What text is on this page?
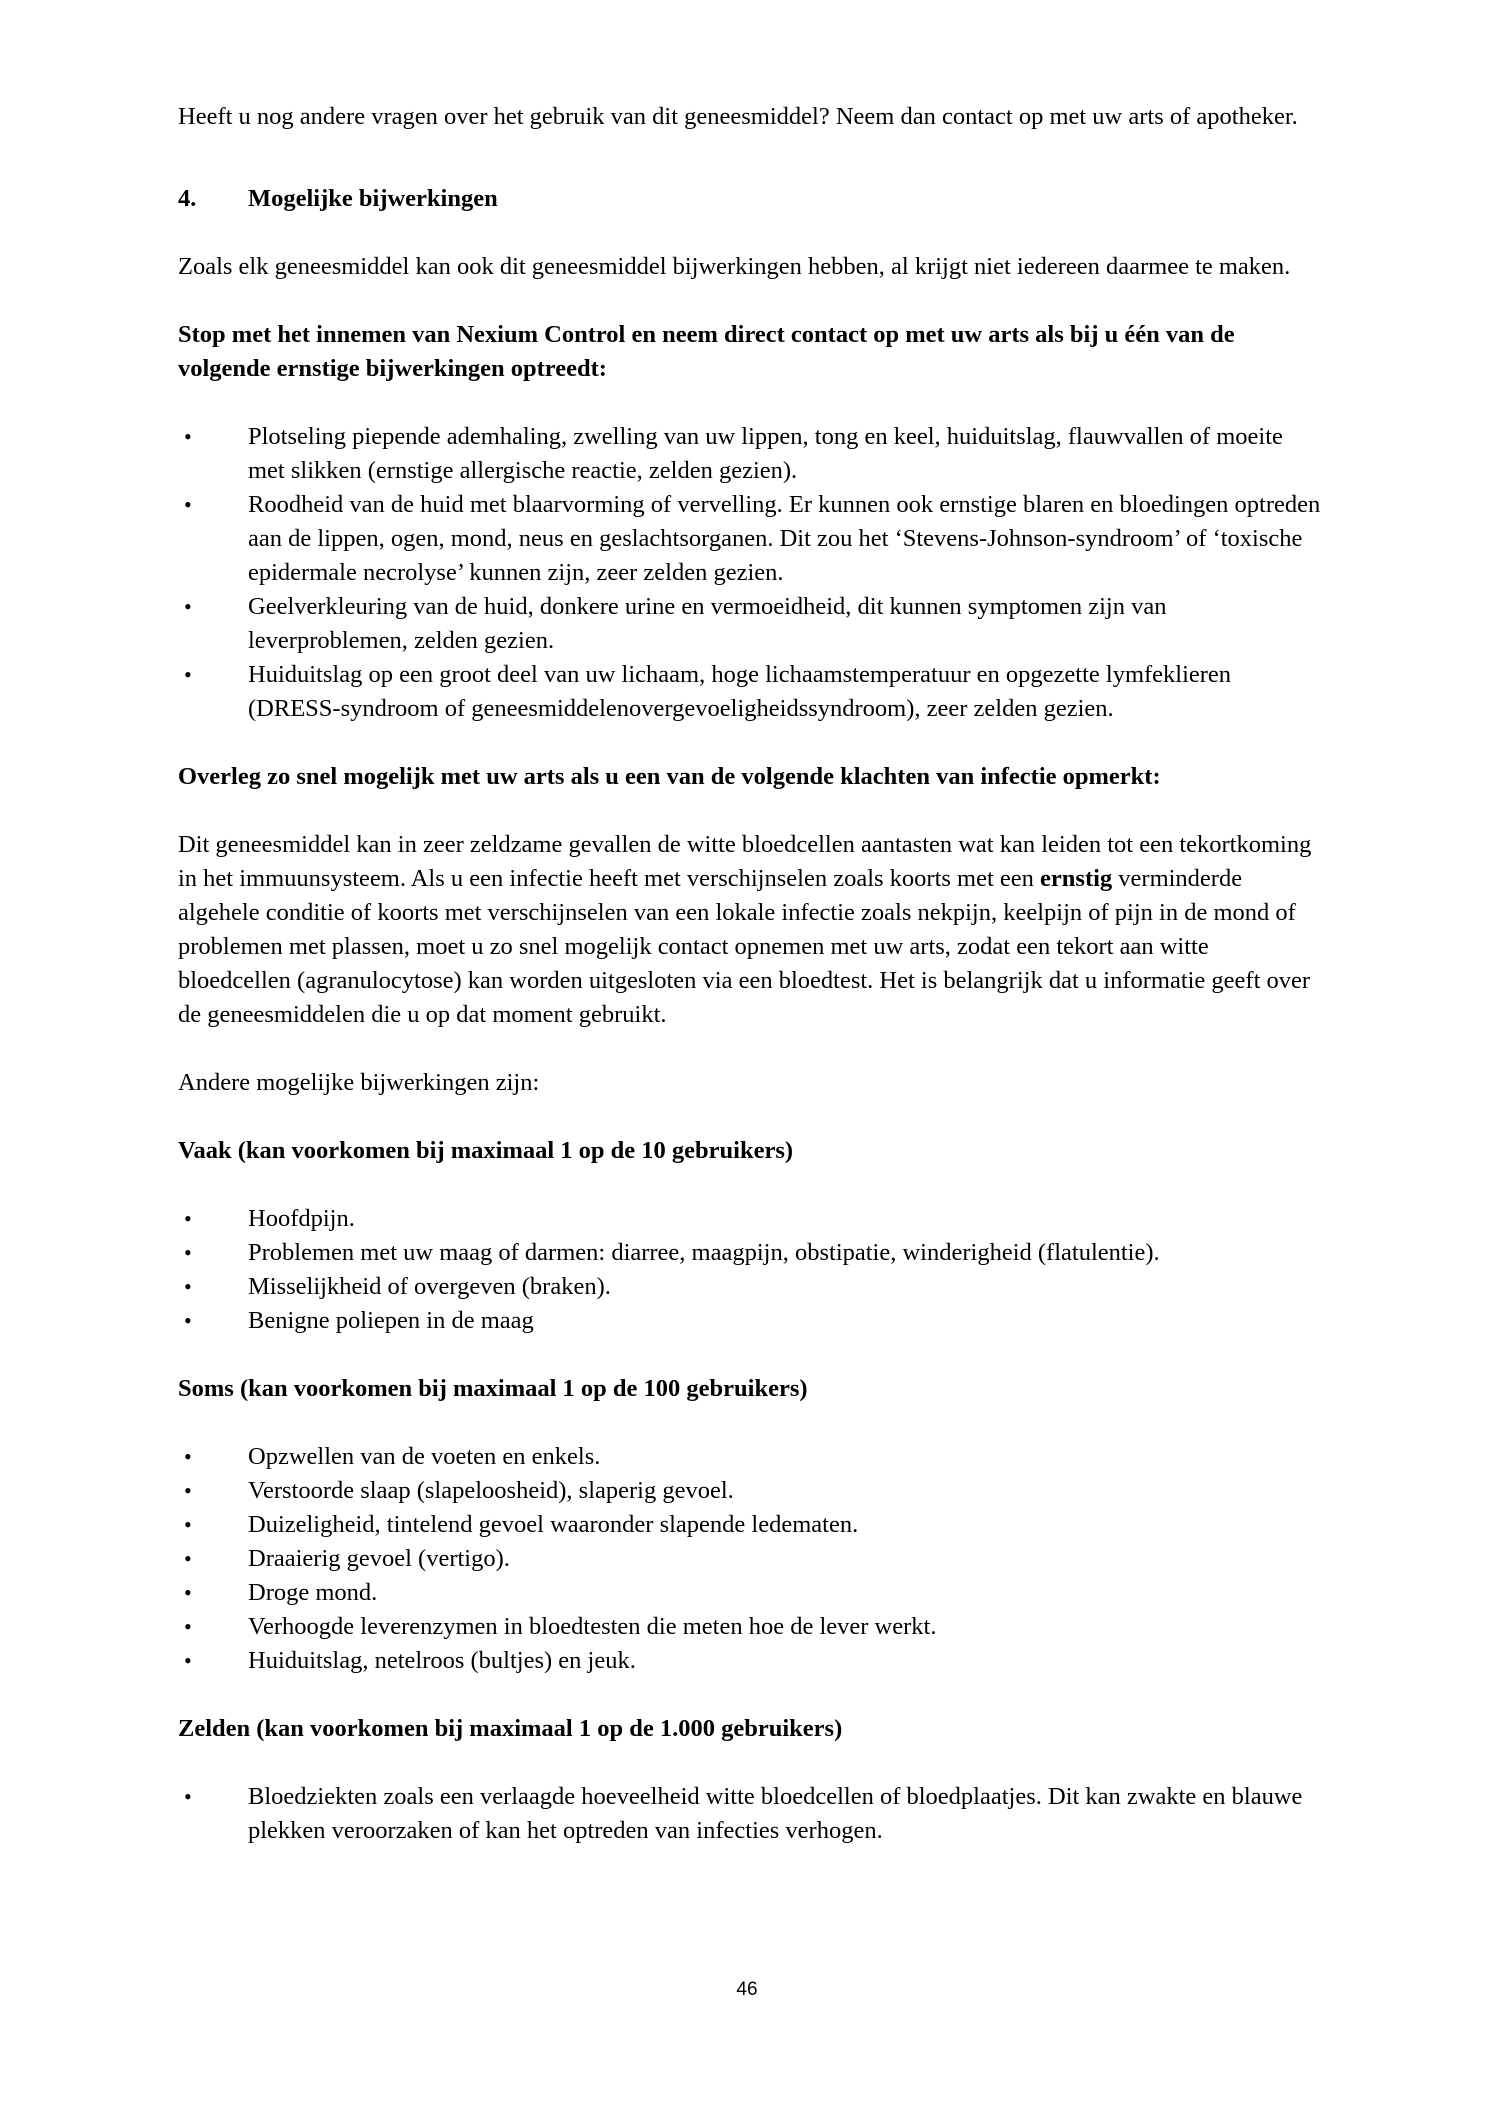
Heeft u nog andere vragen over het gebruik van dit geneesmiddel? Neem dan contact op met uw arts of apotheker.

4.	Mogelijke bijwerkingen

Zoals elk geneesmiddel kan ook dit geneesmiddel bijwerkingen hebben, al krijgt niet iedereen daarmee te maken.

Stop met het innemen van Nexium Control en neem direct contact op met uw arts als bij u één van de volgende ernstige bijwerkingen optreedt:

• Plotseling piepende ademhaling, zwelling van uw lippen, tong en keel, huiduitslag, flauwvallen of moeite met slikken (ernstige allergische reactie, zelden gezien).
• Roodheid van de huid met blaarvorming of vervelling. Er kunnen ook ernstige blaren en bloedingen optreden aan de lippen, ogen, mond, neus en geslachtsorganen. Dit zou het ‘Stevens-Johnson-syndroom’ of ‘toxische epidermale necrolyse’ kunnen zijn, zeer zelden gezien.
• Geelverkleuring van de huid, donkere urine en vermoeidheid, dit kunnen symptomen zijn van leverproblemen, zelden gezien.
• Huiduitslag op een groot deel van uw lichaam, hoge lichaamstemperatuur en opgezette lymfeklieren (DRESS-syndroom of geneesmiddelenovergevoeligheidssyndroom), zeer zelden gezien.

Overleg zo snel mogelijk met uw arts als u een van de volgende klachten van infectie opmerkt:

Dit geneesmiddel kan in zeer zeldzame gevallen de witte bloedcellen aantasten wat kan leiden tot een tekortkoming in het immuunsysteem. Als u een infectie heeft met verschijnselen zoals koorts met een ernstig verminderde algehele conditie of koorts met verschijnselen van een lokale infectie zoals nekpijn, keelpijn of pijn in de mond of problemen met plassen, moet u zo snel mogelijk contact opnemen met uw arts, zodat een tekort aan witte bloedcellen (agranulocytose) kan worden uitgesloten via een bloedtest. Het is belangrijk dat u informatie geeft over de geneesmiddelen die u op dat moment gebruikt.

Andere mogelijke bijwerkingen zijn:

Vaak (kan voorkomen bij maximaal 1 op de 10 gebruikers)

• Hoofdpijn.
• Problemen met uw maag of darmen: diarree, maagpijn, obstipatie, winderigheid (flatulentie).
• Misselijkheid of overgeven (braken).
• Benigne poliepen in de maag

Soms (kan voorkomen bij maximaal 1 op de 100 gebruikers)

• Opzwellen van de voeten en enkels.
• Verstoorde slaap (slapeloosheid), slaperig gevoel.
• Duizeligheid, tintelend gevoel waaronder slapende ledematen.
• Draaierig gevoel (vertigo).
• Droge mond.
• Verhoogde leverenzymen in bloedtesten die meten hoe de lever werkt.
• Huiduitslag, netelroos (bultjes) en jeuk.

Zelden (kan voorkomen bij maximaal 1 op de 1.000 gebruikers)

• Bloedziekten zoals een verlaagde hoeveelheid witte bloedcellen of bloedplaatjes. Dit kan zwakte en blauwe plekken veroorzaken of kan het optreden van infecties verhogen.
46
